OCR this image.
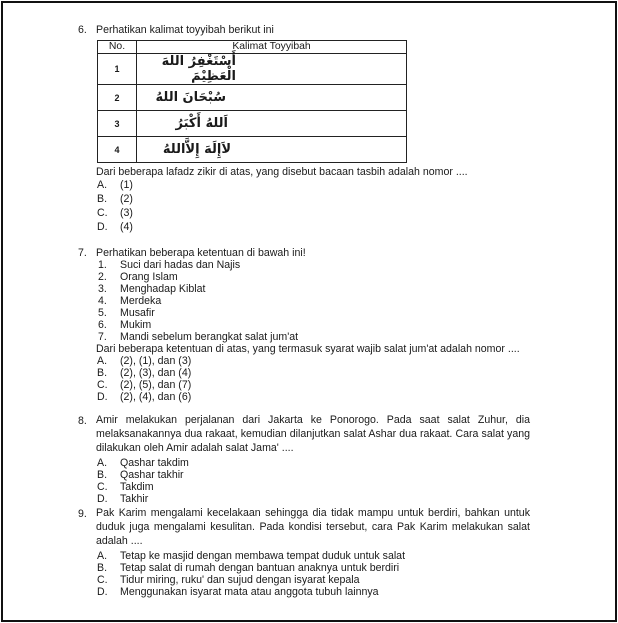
6. Perhatikan kalimat toyyibah berikut ini
No.	Kalimat Toyyibah
1	أَسْتَغْفِرُ اللهَ الْعَظِيْمَ
2	سُبْحَانَ اللهُ
3	اَللهُ أَكْبَرُ
4	لاَإِلَهَ إِلاَّاللهُ
Dari beberapa lafadz zikir di atas, yang disebut bacaan tasbih adalah nomor ....
A. (1)
B. (2)
C. (3)
D. (4)
7. Perhatikan beberapa ketentuan di bawah ini!
1. Suci dari hadas dan Najis
2. Orang Islam
3. Menghadap Kiblat
4. Merdeka
5. Musafir
6. Mukim
7. Mandi sebelum berangkat salat jum'at
Dari beberapa ketentuan di atas, yang termasuk syarat wajib salat jum'at adalah nomor ....
A. (2), (1), dan (3)
B. (2), (3), dan (4)
C. (2), (5), dan (7)
D. (2), (4), dan (6)
8. Amir melakukan perjalanan dari Jakarta ke Ponorogo. Pada saat salat Zuhur, dia melaksanakannya dua rakaat, kemudian dilanjutkan salat Ashar dua rakaat. Cara salat yang dilakukan oleh Amir adalah salat Jama' ....
A. Qashar takdim
B. Qashar takhir
C. Takdim
D. Takhir
9. Pak Karim mengalami kecelakaan sehingga dia tidak mampu untuk berdiri, bahkan untuk duduk juga mengalami kesulitan. Pada kondisi tersebut, cara Pak Karim melakukan salat adalah ....
A. Tetap ke masjid dengan membawa tempat duduk untuk salat
B. Tetap salat di rumah dengan bantuan anaknya untuk berdiri
C. Tidur miring, ruku' dan sujud dengan isyarat kepala
D. Menggunakan isyarat mata atau anggota tubuh lainnya
